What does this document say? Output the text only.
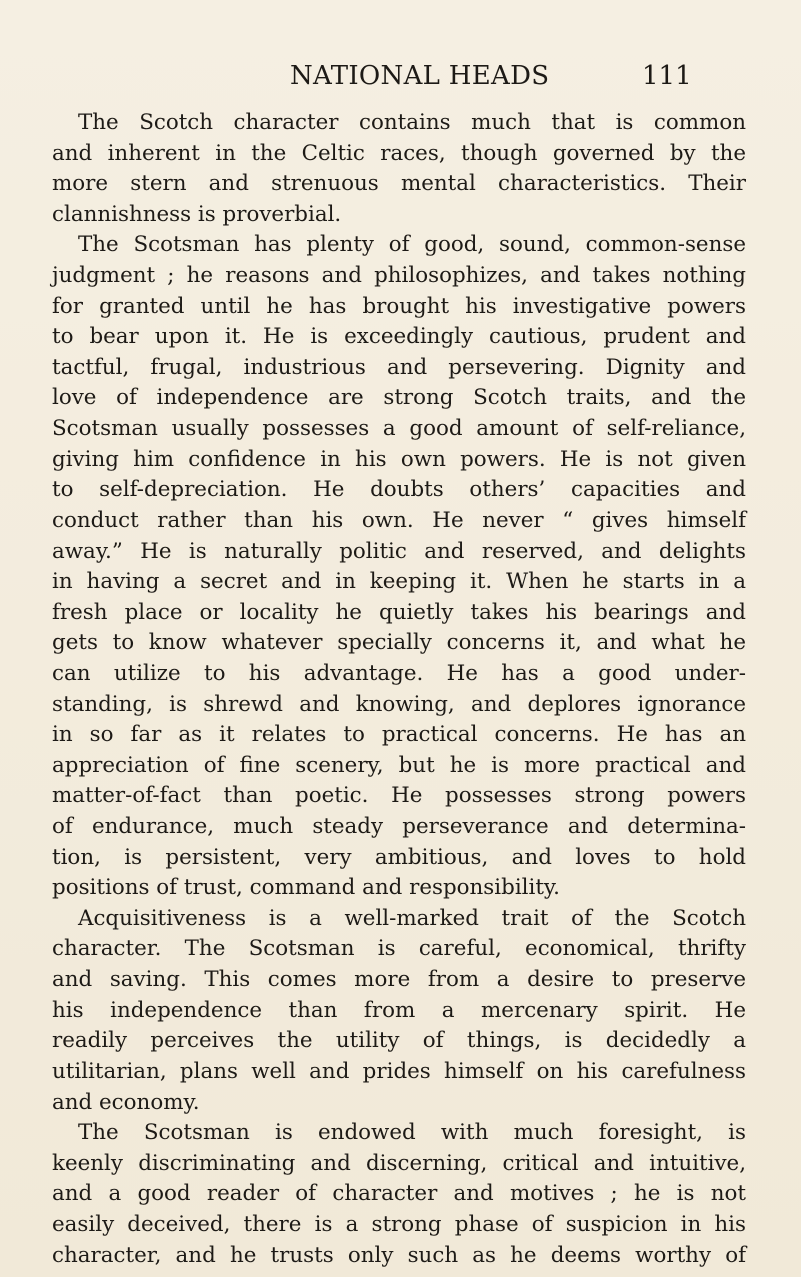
NATIONAL HEADS	111
The Scotch character contains much that is common
and inherent in the Celtic races, though governed by the
more stern and strenuous mental characteristics. Their
clannishness is proverbial.
The Scotsman has plenty of good, sound, common-sense
judgment ; he reasons and philosophizes, and takes nothing
for granted until he has brought his investigative powers
to bear upon it. He is exceedingly cautious, prudent and
tactful, frugal, industrious and persevering. Dignity and
love of independence are strong Scotch traits, and the
Scotsman usually possesses a good amount of self-reliance,
giving him confidence in his own powers. He is not given
to self-depreciation. He doubts others’ capacities and
conduct rather than his own. He never “ gives himself
away.” He is naturally politic and reserved, and delights
in having a secret and in keeping it. When he starts in a
fresh place or locality he quietly takes his bearings and
gets to know whatever specially concerns it, and what he
can utilize to his advantage. He has a good under-
standing, is shrewd and knowing, and deplores ignorance
in so far as it relates to practical concerns. He has an
appreciation of fine scenery, but he is more practical and
matter-of-fact than poetic. He possesses strong powers
of endurance, much steady perseverance and determina-
tion, is persistent, very ambitious, and loves to hold
positions of trust, command and responsibility.
Acquisitiveness is a well-marked trait of the Scotch
character. The Scotsman is careful, economical, thrifty
and saving. This comes more from a desire to preserve
his independence than from a mercenary spirit. He
readily perceives the utility of things, is decidedly a
utilitarian, plans well and prides himself on his carefulness
and economy.
The Scotsman is endowed with much foresight, is
keenly discriminating and discerning, critical and intuitive,
and a good reader of character and motives ; he is not
easily deceived, there is a strong phase of suspicion in his
character, and he trusts only such as he deems worthy of
